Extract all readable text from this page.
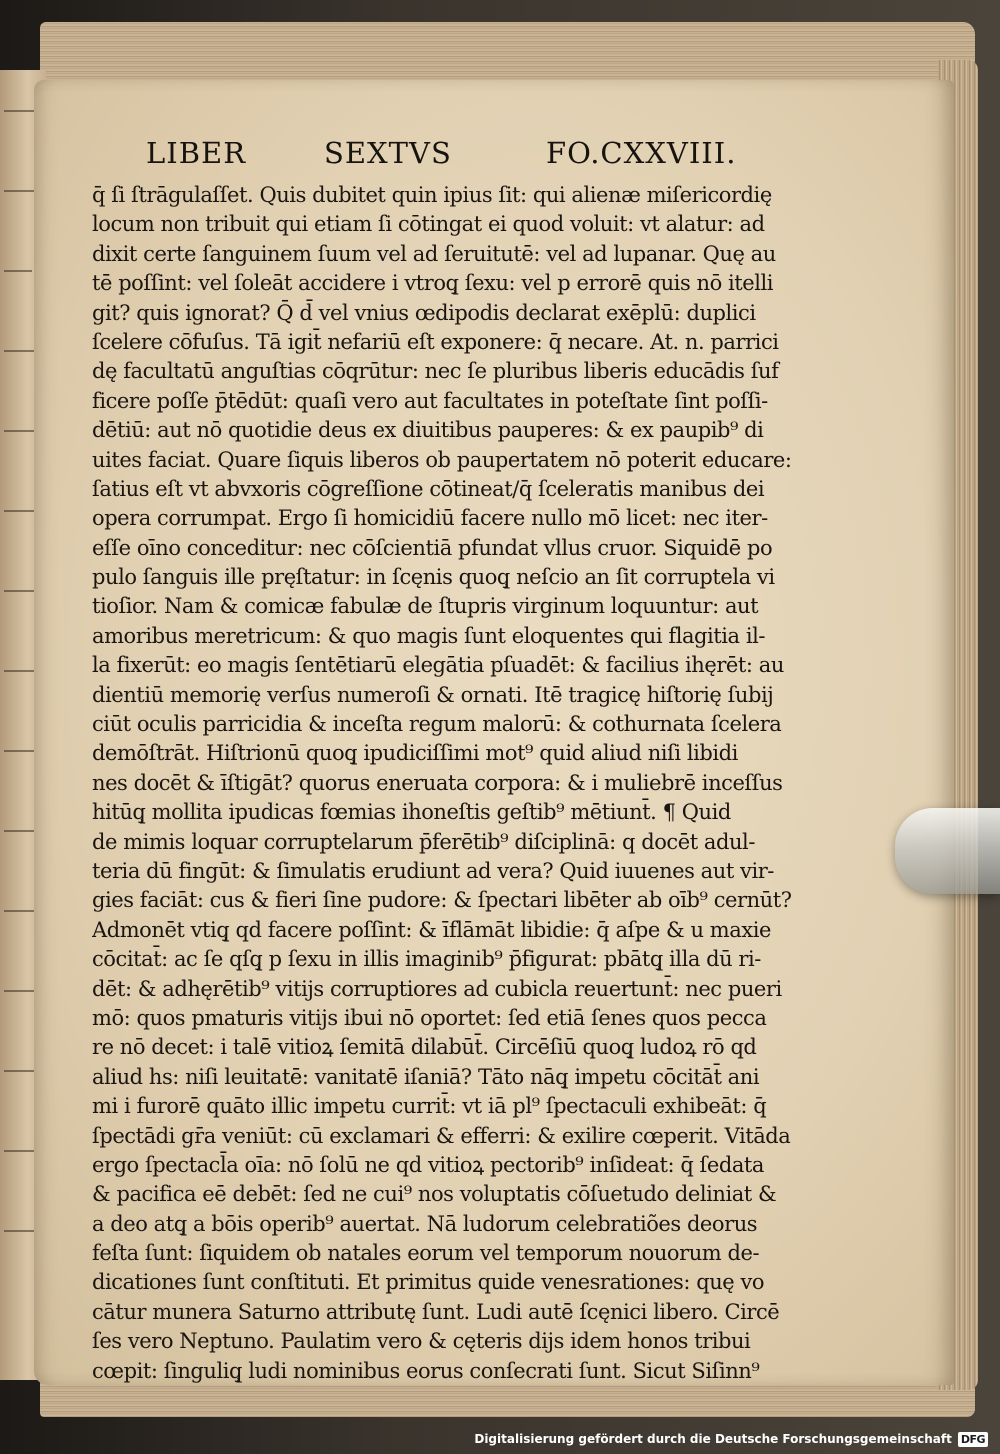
LIBER	SEXTVS	FO.CXXVIII.
q̄ ſi ſtrāgulaſſet. Quis dubitet quin ipius ſit: qui alienæ miſericordię
locum non tribuit qui etiam ſi cōtingat ei quod voluit: vt alatur: ad
dixit certe ſanguinem ſuum vel ad ſeruitutē: vel ad lupanar. Quę au
tē poſſint: vel ſoleāt accidere i vtroq̧ ſexu: vel p errorē quis nō itelli
git? quis ignorat? Q̄ d̄ vel vnius œdipodis declarat exēplū: duplici
ſcelere cōfuſus. Tā igit̄ nefariū eſt exponere: q̄ necare. At. n. parrici
dę facultatū anguſtias cōqrūtur: nec ſe pluribus liberis educādis ſuf
ficere poſſe p̄tēdūt: quaſi vero aut facultates in poteſtate ſint poſſi-
dētiū: aut nō quotidie deus ex diuitibus pauperes: & ex paupib⁹ di
uites faciat. Quare ſiquis liberos ob paupertatem nō poterit educare:
ſatius eſt vt abvxoris cōgreſſione cōtineat/q̄ ſceleratis manibus dei
opera corrumpat. Ergo ſi homicidiū facere nullo mō licet: nec iter-
eſſe oīno conceditur: nec cōſcientiā pfundat vllus cruor. Siquidē po
pulo ſanguis ille pręſtatur: in ſcęnis quoq̧ neſcio an ſit corruptela vi
tioſior. Nam & comicæ fabulæ de ſtupris virginum loquuntur: aut
amoribus meretricum: & quo magis ſunt eloquentes qui flagitia il-
la fixerūt: eo magis ſentētiarū elegātia pſuadēt: & facilius ihęrēt: au
dientiū memorię verſus numeroſi & ornati. Itē tragicę hiſtorię ſubij
ciūt oculis parricidia & inceſta regum malorū: & cothurnata ſcelera
demōſtrāt. Hiſtrionū quoq̧ ipudiciſſimi mot⁹ quid aliud niſi libidi
nes docēt & īſtigāt? quorus eneruata corpora: & i muliebrē inceſſus
hitūq̧ mollita ipudicas fœmias ihoneſtis geſtib⁹ mētiunt̄. ¶ Quid
de mimis loquar corruptelarum p̄ferētib⁹ diſciplinā: q docēt adul-
teria dū fingūt: & ſimulatis erudiunt ad vera? Quid iuuenes aut vir-
gies faciāt: cus & fieri ſine pudore: & ſpectari libēter ab oīb⁹ cernūt?
Admonēt vtiq̧ qd facere poſſint: & īflāmāt libidie: q̄ aſpe & u maxie
cōcitat̄: ac ſe qſq̧ p ſexu in illis imaginib⁹ p̄figurat: pbātq̧ illa dū ri-
dēt: & adhęrētib⁹ vitijs corruptiores ad cubicla reuertunt̄: nec pueri
mō: quos pmaturis vitijs ibui nō oportet: ſed etiā ſenes quos pecca
re nō decet: i talē vitioꝝ ſemitā dilabūt̄. Circēſiū quoq̧ ludoꝝ rō qd
aliud hs: niſi leuitatē: vanitatē iſaniā? Tāto nāq̧ impetu cōcitāt̄ ani
mi i furorē quāto illic impetu currit̄: vt iā pl⁹ ſpectaculi exhibeāt: q̄
ſpectādi gr̄a veniūt: cū exclamari & efferri: & exilire cœperit. Vitāda
ergo ſpectacl̄a oīa: nō ſolū ne qd vitioꝝ pectorib⁹ inſideat: q̄ ſedata
& pacifica eē debēt: ſed ne cui⁹ nos voluptatis cōſuetudo deliniat &
a deo atq̧ a bōis operib⁹ auertat. Nā ludorum celebratiões deorus
feſta ſunt: ſiquidem ob natales eorum vel temporum nouorum de-
dicationes ſunt conſtituti. Et primitus quide venesrationes: quę vo
cātur munera Saturno attributę ſunt. Ludi autē ſcęnici libero. Circē
ſes vero Neptuno. Paulatim vero & cęteris dijs idem honos tribui
cœpit: ſinguliq̧ ludi nominibus eorus conſecrati ſunt. Sicut Siſinn⁹
Digitalisierung gefördert durch die Deutsche Forschungsgemeinschaft DFG
